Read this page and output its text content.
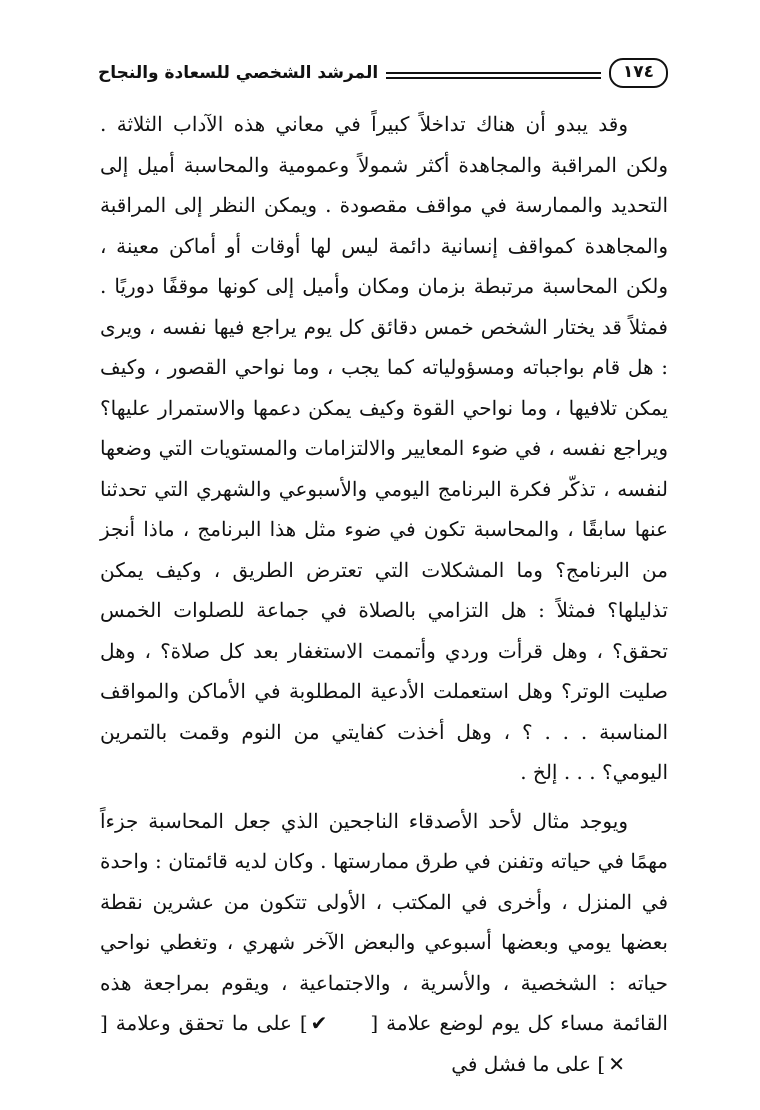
المرشد الشخصي للسعادة والنجاح	١٧٤

وقد يبدو أن هناك تداخلاً كبيراً في معاني هذه الآداب الثلاثة . ولكن المراقبة والمجاهدة أكثر شمولاً وعمومية والمحاسبة أميل إلى التحديد والممارسة في مواقف مقصودة . ويمكن النظر إلى المراقبة والمجاهدة كمواقف إنسانية دائمة ليس لها أوقات أو أماكن معينة ، ولكن المحاسبة مرتبطة بزمان ومكان وأميل إلى كونها موقفًا دوريًا . فمثلاً قد يختار الشخص خمس دقائق كل يوم يراجع فيها نفسه ، ويرى : هل قام بواجباته ومسؤولياته كما يجب ، وما نواحي القصور ، وكيف يمكن تلافيها ، وما نواحي القوة وكيف يمكن دعمها والاستمرار عليها؟ ويراجع نفسه ، في ضوء المعايير والالتزامات والمستويات التي وضعها لنفسه ، تذكّر فكرة البرنامج اليومي والأسبوعي والشهري التي تحدثنا عنها سابقًا ، والمحاسبة تكون في ضوء مثل هذا البرنامج ، ماذا أنجز من البرنامج؟ وما المشكلات التي تعترض الطريق ، وكيف يمكن تذليلها؟ فمثلاً : هل التزامي بالصلاة في جماعة للصلوات الخمس تحقق؟ ، وهل قرأت وردي وأتممت الاستغفار بعد كل صلاة؟ ، وهل صليت الوتر؟ وهل استعملت الأدعية المطلوبة في الأماكن والمواقف المناسبة . . . ؟ ، وهل أخذت كفايتي من النوم وقمت بالتمرين اليومي؟ . . . إلخ .

ويوجد مثال لأحد الأصدقاء الناجحين الذي جعل المحاسبة جزءاً مهمًا في حياته وتفنن في طرق ممارستها . وكان لديه قائمتان : واحدة في المنزل ، وأخرى في المكتب ، الأولى تتكون من عشرين نقطة بعضها يومي وبعضها أسبوعي والبعض الآخر شهري ، وتغطي نواحي حياته : الشخصية ، والأسرية ، والاجتماعية ، ويقوم بمراجعة هذه القائمة مساء كل يوم لوضع علامة [✔] على ما تحقق وعلامة [✕] على ما فشل في
